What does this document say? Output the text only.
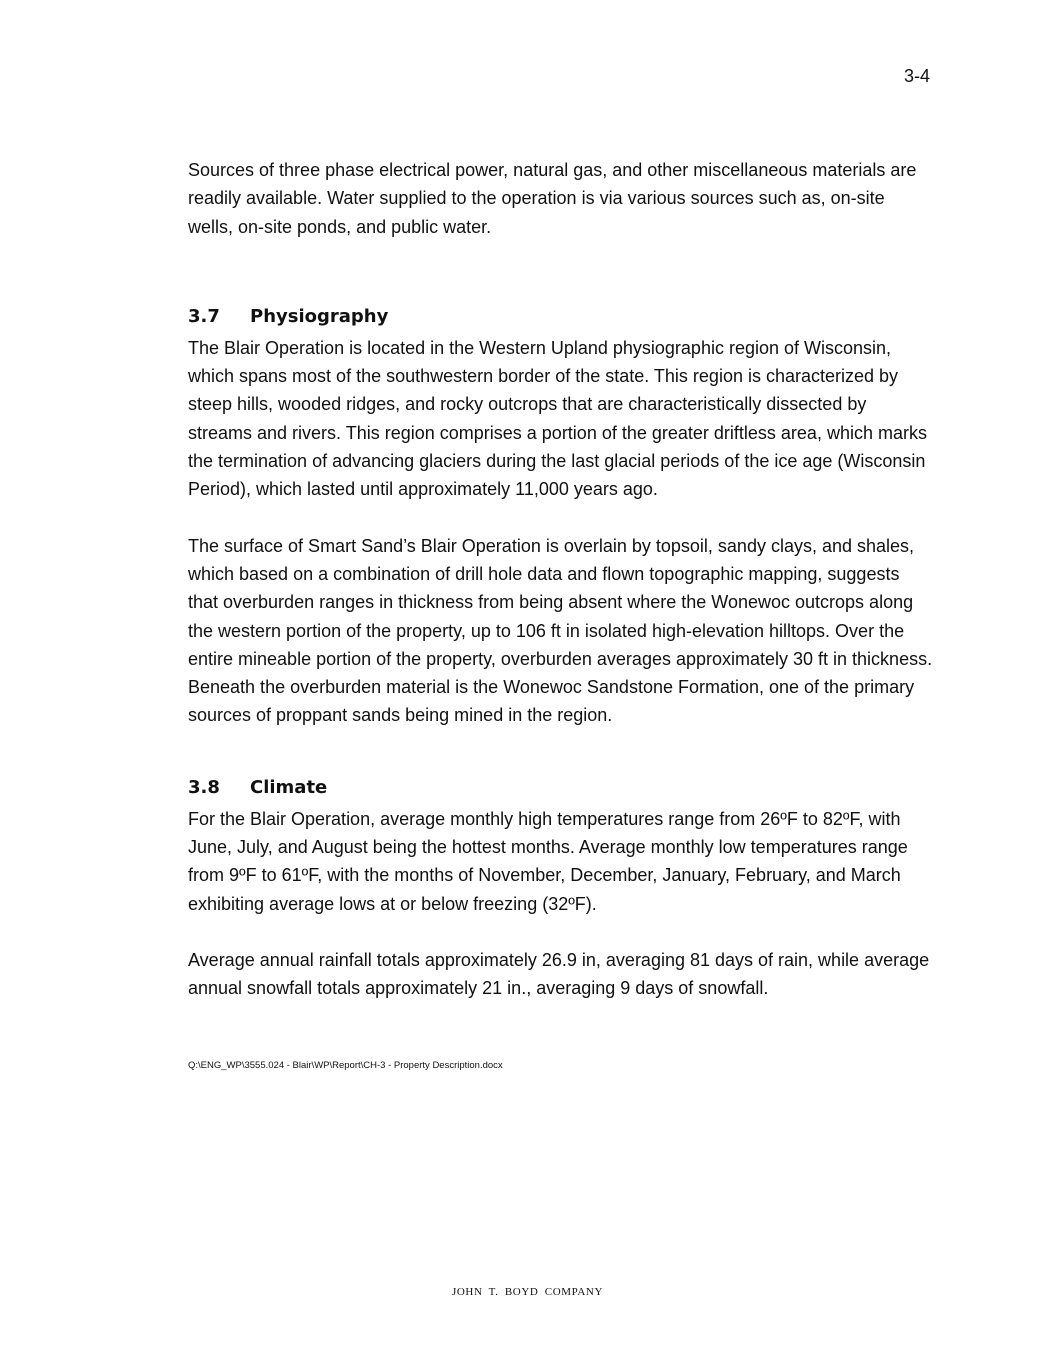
3-4

Sources of three phase electrical power, natural gas, and other miscellaneous materials are readily available. Water supplied to the operation is via various sources such as, on-site wells, on-site ponds, and public water.

3.7 Physiography

The Blair Operation is located in the Western Upland physiographic region of Wisconsin, which spans most of the southwestern border of the state. This region is characterized by steep hills, wooded ridges, and rocky outcrops that are characteristically dissected by streams and rivers. This region comprises a portion of the greater driftless area, which marks the termination of advancing glaciers during the last glacial periods of the ice age (Wisconsin Period), which lasted until approximately 11,000 years ago.

The surface of Smart Sand’s Blair Operation is overlain by topsoil, sandy clays, and shales, which based on a combination of drill hole data and flown topographic mapping, suggests that overburden ranges in thickness from being absent where the Wonewoc outcrops along the western portion of the property, up to 106 ft in isolated high-elevation hilltops. Over the entire mineable portion of the property, overburden averages approximately 30 ft in thickness. Beneath the overburden material is the Wonewoc Sandstone Formation, one of the primary sources of proppant sands being mined in the region.

3.8 Climate

For the Blair Operation, average monthly high temperatures range from 26ºF to 82ºF, with June, July, and August being the hottest months. Average monthly low temperatures range from 9ºF to 61ºF, with the months of November, December, January, February, and March exhibiting average lows at or below freezing (32ºF).

Average annual rainfall totals approximately 26.9 in, averaging 81 days of rain, while average annual snowfall totals approximately 21 in., averaging 9 days of snowfall.

Q:\ENG_WP\3555.024 - Blair\WP\Report\CH-3 - Property Description.docx
JOHN T. BOYD COMPANY
